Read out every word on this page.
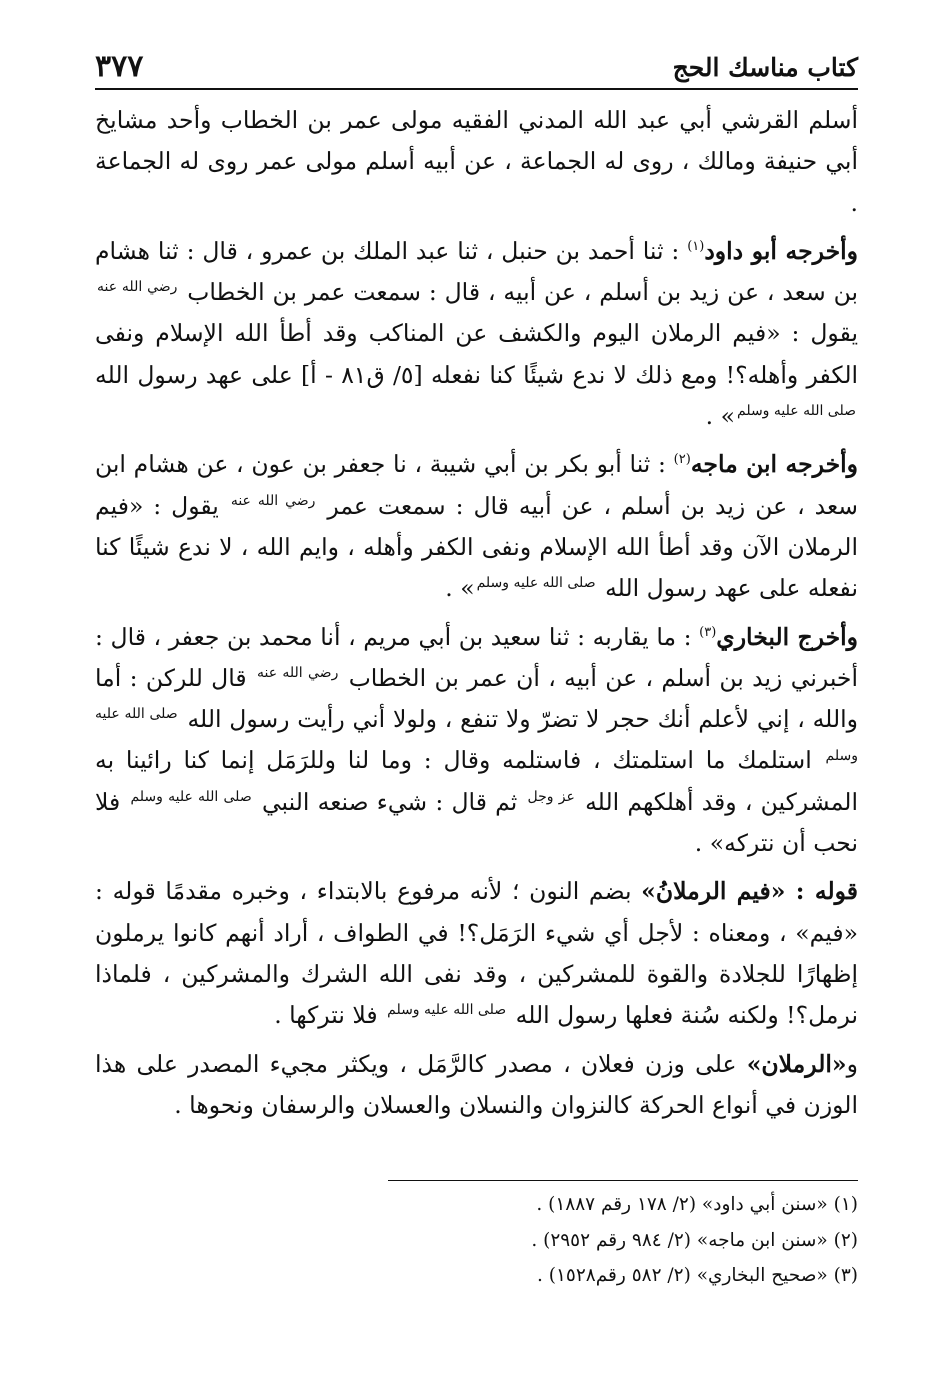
كتاب مناسك الحج
٣٧٧

أسلم القرشي أبي عبد الله المدني الفقيه مولى عمر بن الخطاب وأحد مشايخ أبي حنيفة ومالك ، روى له الجماعة ، عن أبيه أسلم مولى عمر روى له الجماعة .

وأخرجه أبو داود$^{(١)}$ : ثنا أحمد بن حنبل ، ثنا عبد الملك بن عمرو ، قال : ثنا هشام بن سعد ، عن زيد بن أسلم ، عن أبيه ، قال : سمعت عمر بن الخطاب $^{رضي الله عنه}$ يقول : «فيم الرملان اليوم والكشف عن المناكب وقد أطأ الله الإسلام ونفى الكفر وأهله؟! ومع ذلك لا ندع شيئًا كنا نفعله [٥/ ق٨١ - أ] على عهد رسول الله $^{صلى الله عليه وسلم}$» .

وأخرجه ابن ماجه$^{(٢)}$ : ثنا أبو بكر بن أبي شيبة ، نا جعفر بن عون ، عن هشام ابن سعد ، عن زيد بن أسلم ، عن أبيه قال : سمعت عمر $^{رضي الله عنه}$ يقول : «فيم الرملان الآن وقد أطأ الله الإسلام ونفى الكفر وأهله ، وايم الله ، لا ندع شيئًا كنا نفعله على عهد رسول الله $^{صلى الله عليه وسلم}$» .

وأخرج البخاري$^{(٣)}$ : ما يقاربه : ثنا سعيد بن أبي مريم ، أنا محمد بن جعفر ، قال : أخبرني زيد بن أسلم ، عن أبيه ، أن عمر بن الخطاب $^{رضي الله عنه}$ قال للركن : أما والله ، إني لأعلم أنك حجر لا تضرّ ولا تنفع ، ولولا أني رأيت رسول الله $^{صلى الله عليه وسلم}$ استلمك ما استلمتك ، فاستلمه وقال : وما لنا وللرَمَل إنما كنا رائينا به المشركين ، وقد أهلكهم الله $^{عز وجل}$ ثم قال : شيء صنعه النبي $^{صلى الله عليه وسلم}$ فلا نحب أن نتركه» .

قوله : «فيم الرملانُ» بضم النون ؛ لأنه مرفوع بالابتداء ، وخبره مقدمًا قوله : «فيم» ، ومعناه : لأجل أي شيء الرَمَل؟! في الطواف ، أراد أنهم كانوا يرملون إظهارًا للجلادة والقوة للمشركين ، وقد نفى الله الشرك والمشركين ، فلماذا نرمل؟! ولكنه سُنة فعلها رسول الله $^{صلى الله عليه وسلم}$ فلا نتركها .

و«الرملان» على وزن فعلان ، مصدر كالرَّمَل ، ويكثر مجيء المصدر على هذا الوزن في أنواع الحركة كالنزوان والنسلان والعسلان والرسفان ونحوها .

(١) «سنن أبي داود» (٢/ ١٧٨ رقم ١٨٨٧) .

(٢) «سنن ابن ماجه» (٢/ ٩٨٤ رقم ٢٩٥٢) .

(٣) «صحيح البخاري» (٢/ ٥٨٢ رقم١٥٢٨) .
